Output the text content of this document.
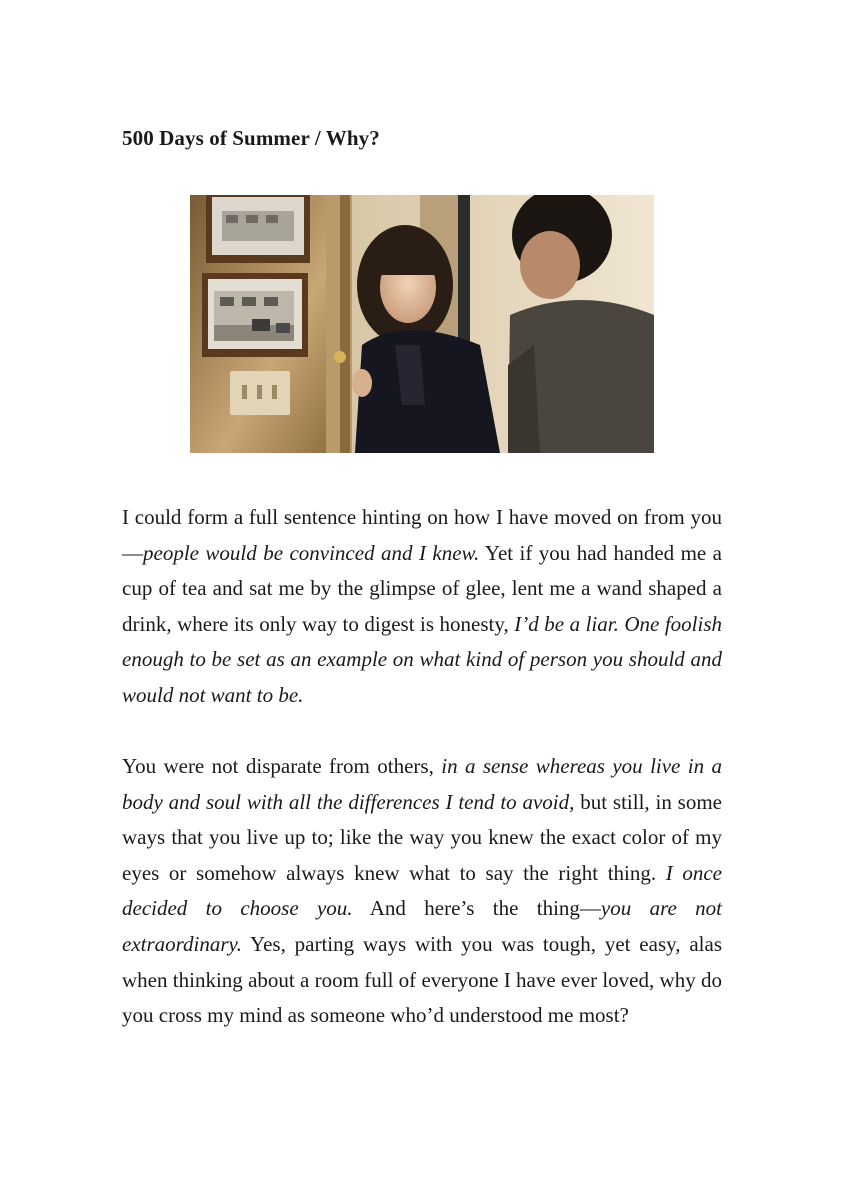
500 Days of Summer / Why?

I could form a full sentence hinting on how I have moved on from you—people would be convinced and I knew. Yet if you had handed me a cup of tea and sat me by the glimpse of glee, lent me a wand shaped a drink, where its only way to digest is honesty, I’d be a liar. One foolish enough to be set as an example on what kind of person you should and would not want to be.

You were not disparate from others, in a sense whereas you live in a body and soul with all the differences I tend to avoid, but still, in some ways that you live up to; like the way you knew the exact color of my eyes or somehow always knew what to say the right thing. I once decided to choose you. And here’s the thing—you are not extraordinary. Yes, parting ways with you was tough, yet easy, alas when thinking about a room full of everyone I have ever loved, why do you cross my mind as someone who’d understood me most?
